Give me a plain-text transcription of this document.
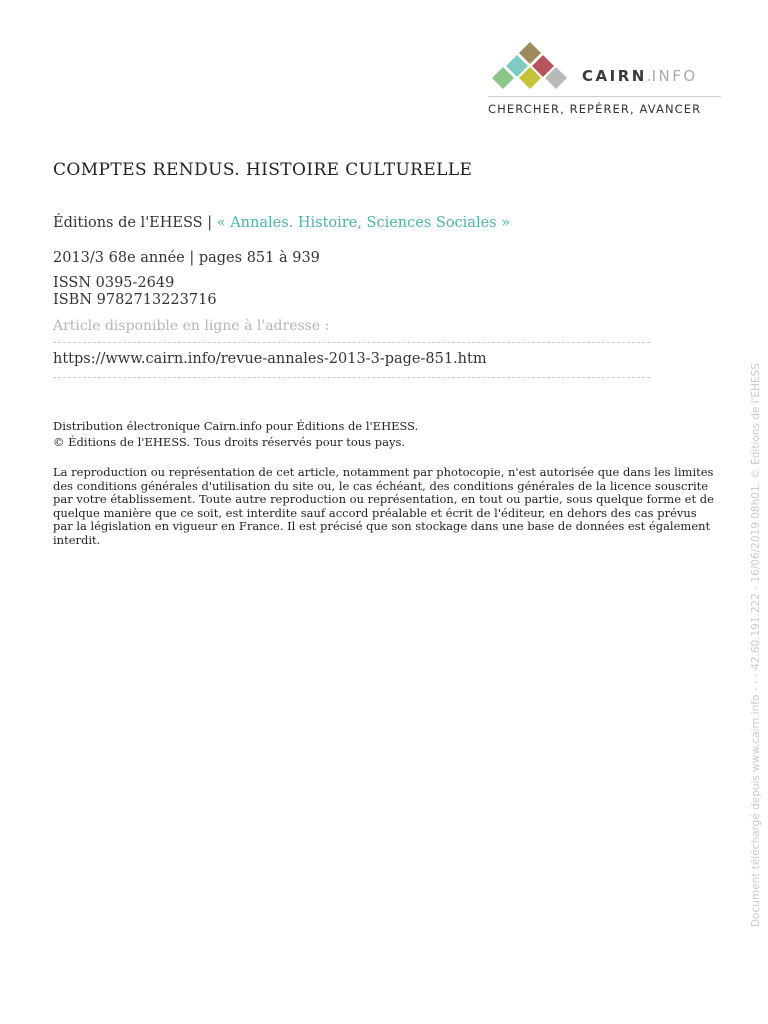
CAIRN.INFO
CHERCHER, REPÉRER, AVANCER
COMPTES RENDUS. HISTOIRE CULTURELLE
Éditions de l'EHESS | « Annales. Histoire, Sciences Sociales »
2013/3 68e année | pages 851 à 939
ISSN 0395-2649
ISBN 9782713223716
Article disponible en ligne à l'adresse :
https://www.cairn.info/revue-annales-2013-3-page-851.htm
Distribution électronique Cairn.info pour Éditions de l'EHESS.
© Éditions de l'EHESS. Tous droits réservés pour tous pays.
La reproduction ou représentation de cet article, notamment par photocopie, n'est autorisée que dans les limites des conditions générales d'utilisation du site ou, le cas échéant, des conditions générales de la licence souscrite par votre établissement. Toute autre reproduction ou représentation, en tout ou partie, sous quelque forme et de quelque manière que ce soit, est interdite sauf accord préalable et écrit de l'éditeur, en dehors des cas prévus par la législation en vigueur en France. Il est précisé que son stockage dans une base de données est également interdit.	Document téléchargé depuis www.cairn.info - - - 42.60.191.222 - 16/06/2019 08h01. © Éditions de l'EHESS
